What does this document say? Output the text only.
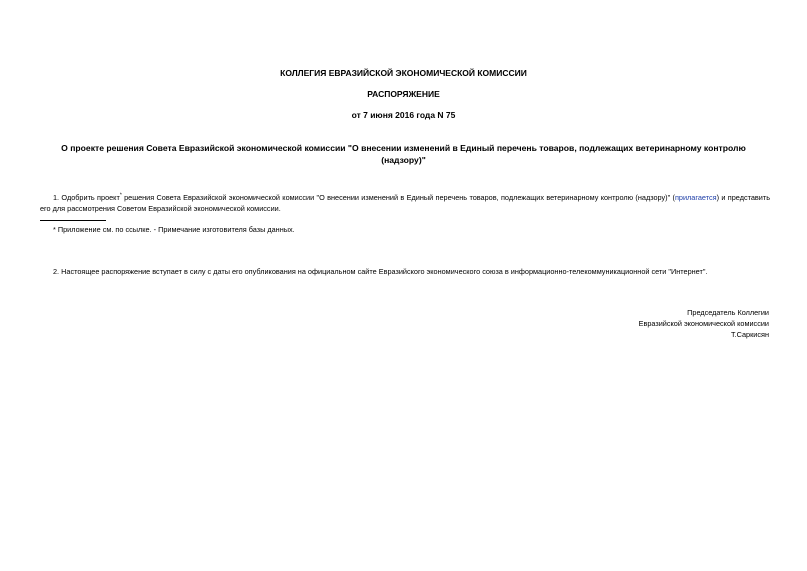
КОЛЛЕГИЯ ЕВРАЗИЙСКОЙ ЭКОНОМИЧЕСКОЙ КОМИССИИ
РАСПОРЯЖЕНИЕ
от 7 июня 2016 года N 75
О проекте решения Совета Евразийской экономической комиссии "О внесении изменений в Единый перечень товаров, подлежащих ветеринарному контролю (надзору)"
1. Одобрить проект* решения Совета Евразийской экономической комиссии "О внесении изменений в Единый перечень товаров, подлежащих ветеринарному контролю (надзору)" (прилагается) и представить его для рассмотрения Советом Евразийской экономической комиссии.
* Приложение см. по ссылке. - Примечание изготовителя базы данных.
2. Настоящее распоряжение вступает в силу с даты его опубликования на официальном сайте Евразийского экономического союза в информационно-телекоммуникационной сети "Интернет".
Председатель Коллегии
Евразийской экономической комиссии
Т.Саркисян
